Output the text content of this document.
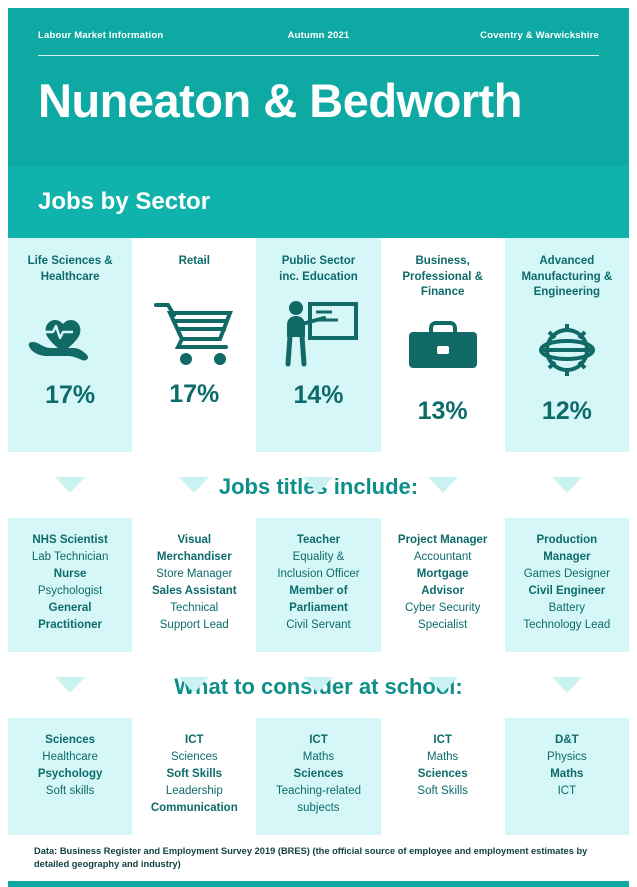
Labour Market Information	Autumn 2021	Coventry & Warwickshire
Nuneaton & Bedworth
Jobs by Sector
Life Sciences &
Healthcare
17%
Retail
17%
Public Sector
inc. Education
14%
Business,
Professional &
Finance
13%
Advanced
Manufacturing &
Engineering
12%
Jobs titles include:
NHS Scientist
Lab Technician
Nurse
Psychologist
General
Practitioner
Visual
Merchandiser
Store Manager
Sales Assistant
Technical
Support Lead
Teacher
Equality &
Inclusion Officer
Member of
Parliament
Civil Servant
Project Manager
Accountant
Mortgage
Advisor
Cyber Security
Specialist
Production
Manager
Games Designer
Civil Engineer
Battery
Technology Lead
What to consider at school:
Sciences
Healthcare
Psychology
Soft skills
ICT
Sciences
Soft Skills
Leadership
Communication
ICT
Maths
Sciences
Teaching-related
subjects
ICT
Maths
Sciences
Soft Skills
D&T
Physics
Maths
ICT
Data: Business Register and Employment Survey 2019 (BRES) (the official source of employee and employment estimates by detailed geography and industry)
